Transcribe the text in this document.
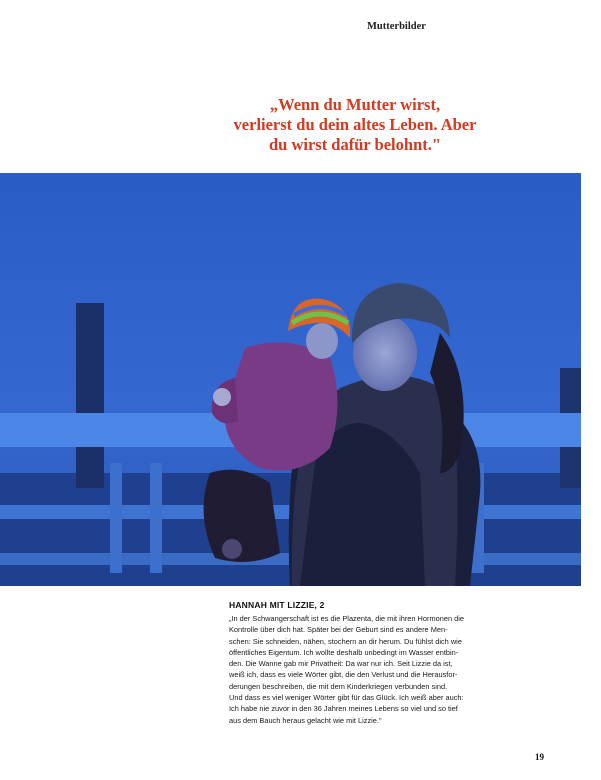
Mutterbilder
„Wenn du Mutter wirst,
verlierst du dein altes Leben. Aber
du wirst dafür belohnt."
HANNAH MIT LIZZIE, 2
„In der Schwangerschaft ist es die Plazenta, die mit ihren Hormonen die
Kontrolle über dich hat. Später bei der Geburt sind es andere Men-
schen: Sie schneiden, nähen, stochern an dir herum. Du fühlst dich wie
öffentliches Eigentum. Ich wollte deshalb unbedingt im Wasser entbin-
den. Die Wanne gab mir Privatheit: Da war nur ich. Seit Lizzie da ist,
weiß ich, dass es viele Wörter gibt, die den Verlust und die Herausfor-
derungen beschreiben, die mit dem Kinderkriegen verbunden sind.
Und dass es viel weniger Wörter gibt für das Glück. Ich weiß aber auch:
Ich habe nie zuvor in den 36 Jahren meines Lebens so viel und so tief
aus dem Bauch heraus gelacht wie mit Lizzie."
19
